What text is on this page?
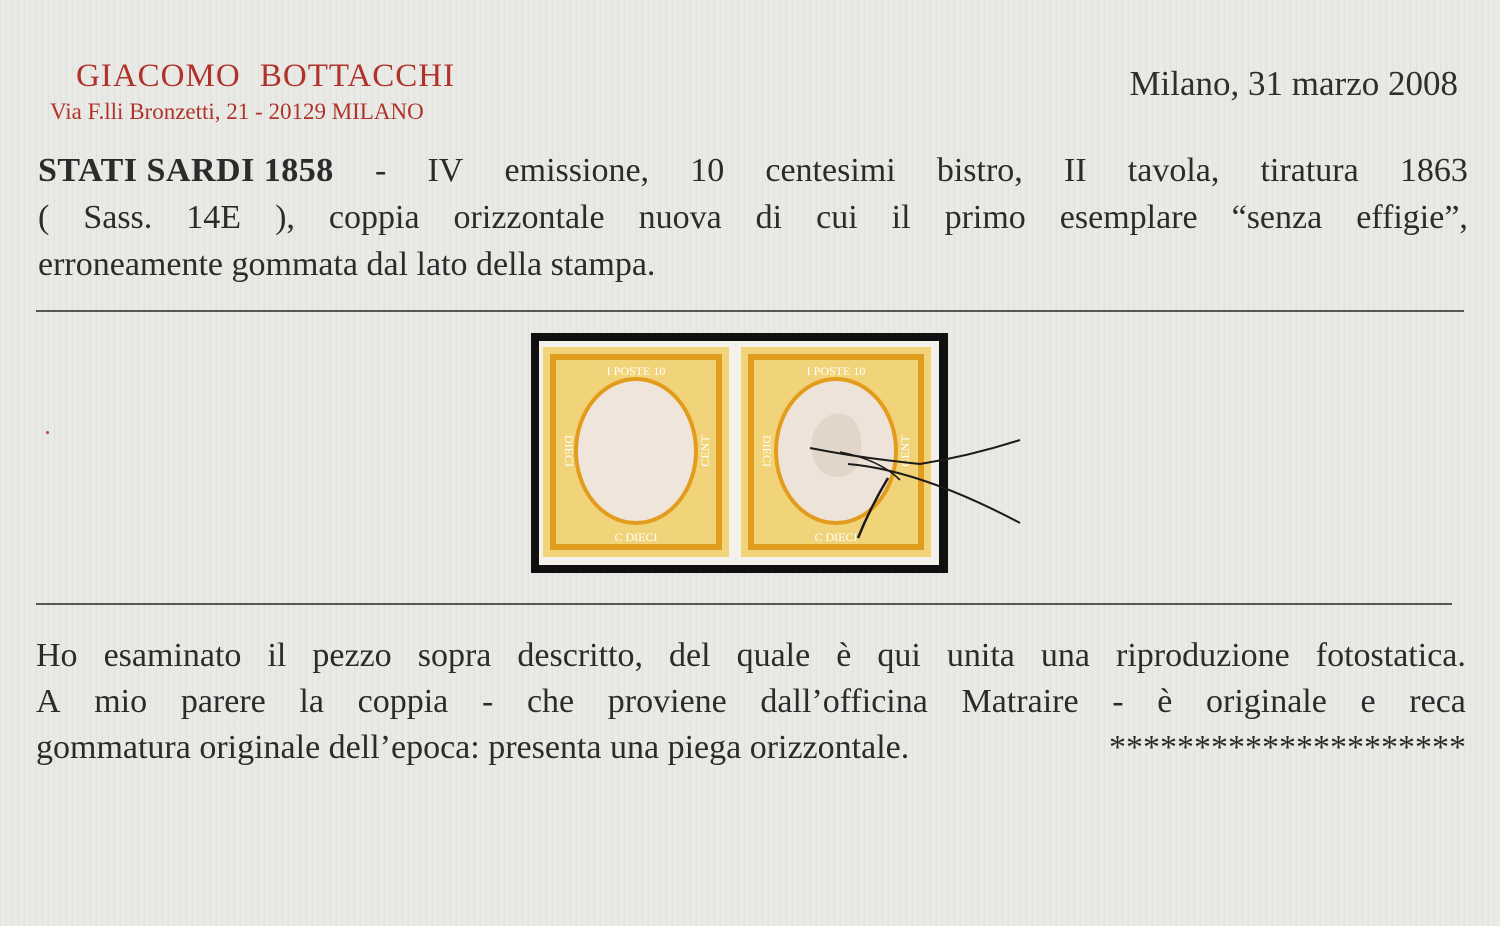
GIACOMO BOTTACCHI
Via F.lli Bronzetti, 21 - 20129 MILANO
Milano, 31 marzo 2008
STATI SARDI 1858 - IV emissione, 10 centesimi bistro, II tavola, tiratura 1863
( Sass. 14E ), coppia orizzontale nuova di cui il primo esemplare “senza effigie”,
erroneamente gommata dal lato della stampa.
I POSTE 10
C DIECI
DIECI	CENT
I POSTE 10
C DIECI
DIECI	CENT
Ho esaminato il pezzo sopra descritto, del quale è qui unita una riproduzione fotostatica.
A mio parere la coppia - che proviene dall’officina Matraire - è originale e reca
gommatura originale dell’epoca: presenta una piega orizzontale.	*********************
